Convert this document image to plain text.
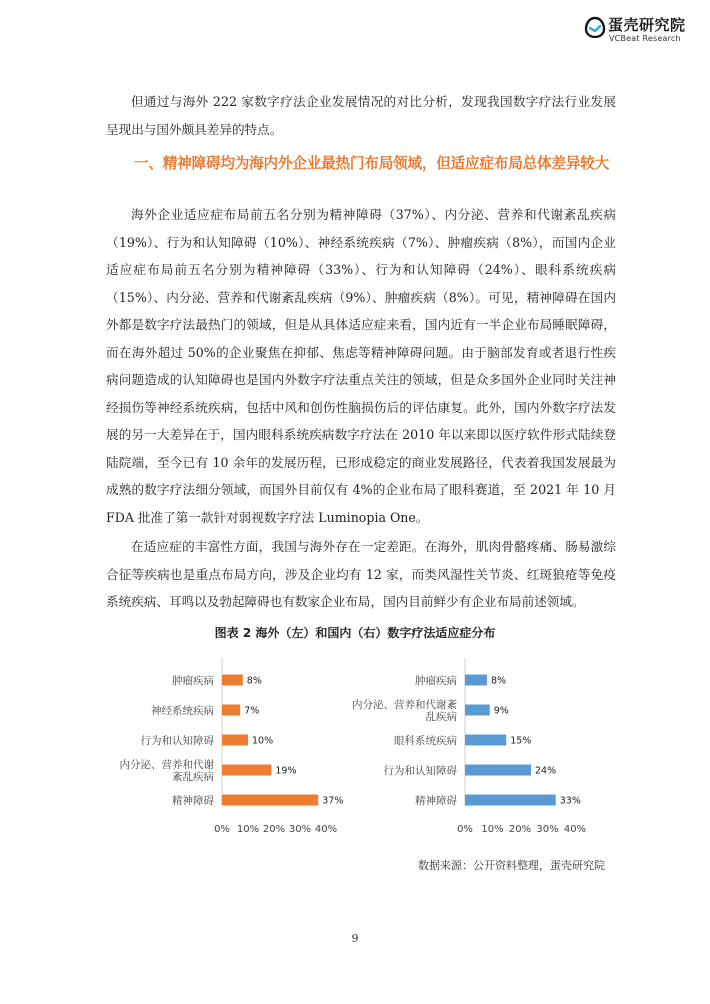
蛋壳研究院
VCBeat Research

但通过与海外 222 家数字疗法企业发展情况的对比分析，发现我国数字疗法行业发展呈现出与国外颇具差异的特点。

一、精神障碍均为海内外企业最热门布局领域，但适应症布局总体差异较大

海外企业适应症布局前五名分别为精神障碍（37%）、内分泌、营养和代谢紊乱疾病（19%）、行为和认知障碍（10%）、神经系统疾病（7%）、肿瘤疾病（8%），而国内企业适应症布局前五名分别为精神障碍（33%）、行为和认知障碍（24%）、眼科系统疾病（15%）、内分泌、营养和代谢紊乱疾病（9%）、肿瘤疾病（8%）。可见，精神障碍在国内外都是数字疗法最热门的领域，但是从具体适应症来看，国内近有一半企业布局睡眠障碍，而在海外超过 50%的企业聚焦在抑郁、焦虑等精神障碍问题。由于脑部发育或者退行性疾病问题造成的认知障碍也是国内外数字疗法重点关注的领域，但是众多国外企业同时关注神经损伤等神经系统疾病，包括中风和创伤性脑损伤后的评估康复。此外，国内外数字疗法发展的另一大差异在于，国内眼科系统疾病数字疗法在 2010 年以来即以医疗软件形式陆续登陆院端，至今已有 10 余年的发展历程，已形成稳定的商业发展路径，代表着我国发展最为成熟的数字疗法细分领域，而国外目前仅有 4%的企业布局了眼科赛道，至 2021 年 10 月 FDA 批准了第一款针对弱视数字疗法 Luminopia One。

在适应症的丰富性方面，我国与海外存在一定差距。在海外，肌肉骨骼疼痛、肠易激综合征等疾病也是重点布局方向，涉及企业均有 12 家，而类风湿性关节炎、红斑狼疮等免疫系统疾病、耳鸣以及勃起障碍也有数家企业布局，国内目前鲜少有企业布局前述领域。

图表 2 海外（左）和国内（右）数字疗法适应症分布
肿瘤疾病	8%
神经系统疾病	7%
行为和认知障碍	10%
内分泌、营养和代谢
紊乱疾病	19%
精神障碍	37%
0% 10% 20% 30% 40%
肿瘤疾病	8%
内分泌、营养和代谢紊
乱疾病	9%
眼科系统疾病	15%
行为和认知障碍	24%
精神障碍	33%
0% 10% 20% 30% 40%
数据来源：公开资料整理，蛋壳研究院
9
